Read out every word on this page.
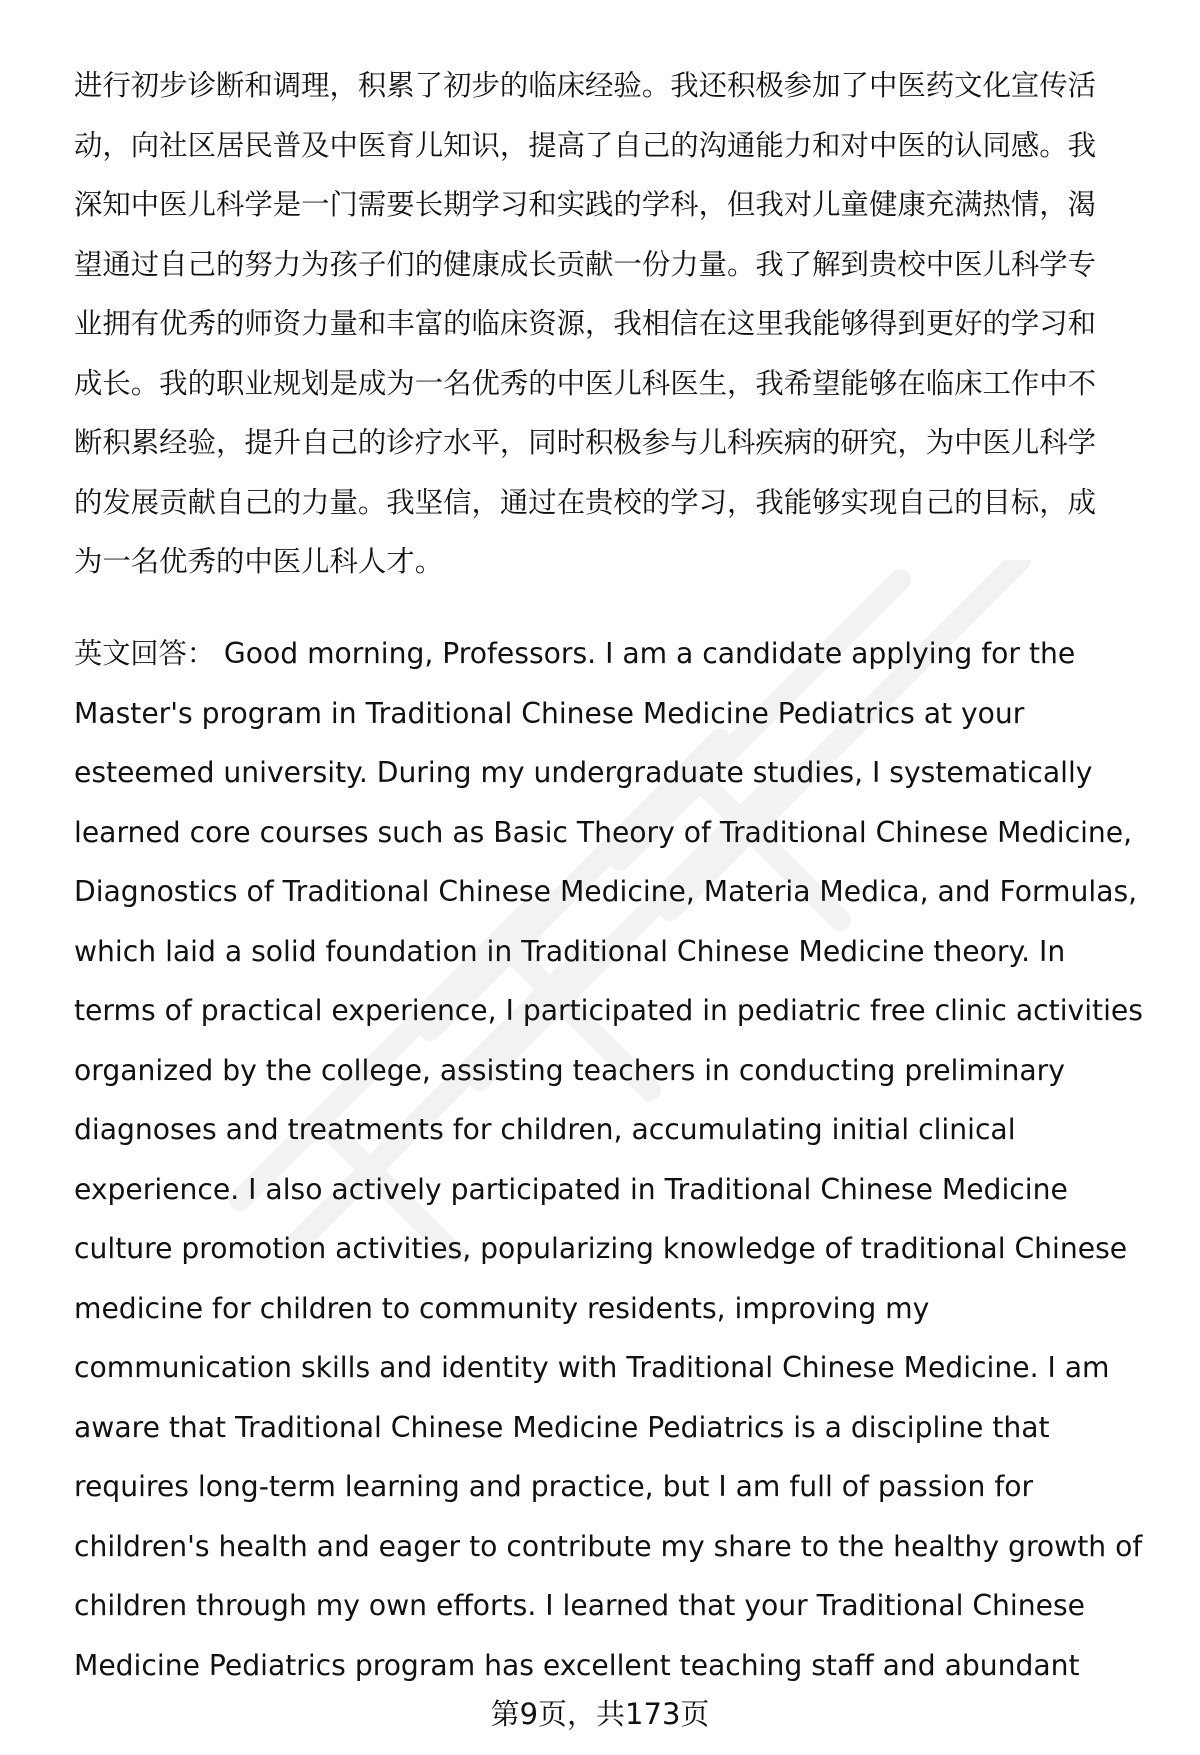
进行初步诊断和调理，积累了初步的临床经验。我还积极参加了中医药文化宣传活
动，向社区居民普及中医育儿知识，提高了自己的沟通能力和对中医的认同感。我
深知中医儿科学是一门需要长期学习和实践的学科，但我对儿童健康充满热情，渴
望通过自己的努力为孩子们的健康成长贡献一份力量。我了解到贵校中医儿科学专
业拥有优秀的师资力量和丰富的临床资源，我相信在这里我能够得到更好的学习和
成长。我的职业规划是成为一名优秀的中医儿科医生，我希望能够在临床工作中不
断积累经验，提升自己的诊疗水平，同时积极参与儿科疾病的研究，为中医儿科学
的发展贡献自己的力量。我坚信，通过在贵校的学习，我能够实现自己的目标，成
为一名优秀的中医儿科人才。
英文回答： Good morning, Professors. I am a candidate applying for the
Master's program in Traditional Chinese Medicine Pediatrics at your
esteemed university. During my undergraduate studies, I systematically
learned core courses such as Basic Theory of Traditional Chinese Medicine,
Diagnostics of Traditional Chinese Medicine, Materia Medica, and Formulas,
which laid a solid foundation in Traditional Chinese Medicine theory. In
terms of practical experience, I participated in pediatric free clinic activities
organized by the college, assisting teachers in conducting preliminary
diagnoses and treatments for children, accumulating initial clinical
experience. I also actively participated in Traditional Chinese Medicine
culture promotion activities, popularizing knowledge of traditional Chinese
medicine for children to community residents, improving my
communication skills and identity with Traditional Chinese Medicine. I am
aware that Traditional Chinese Medicine Pediatrics is a discipline that
requires long-term learning and practice, but I am full of passion for
children's health and eager to contribute my share to the healthy growth of
children through my own efforts. I learned that your Traditional Chinese
Medicine Pediatrics program has excellent teaching staff and abundant
第9页，共173页
